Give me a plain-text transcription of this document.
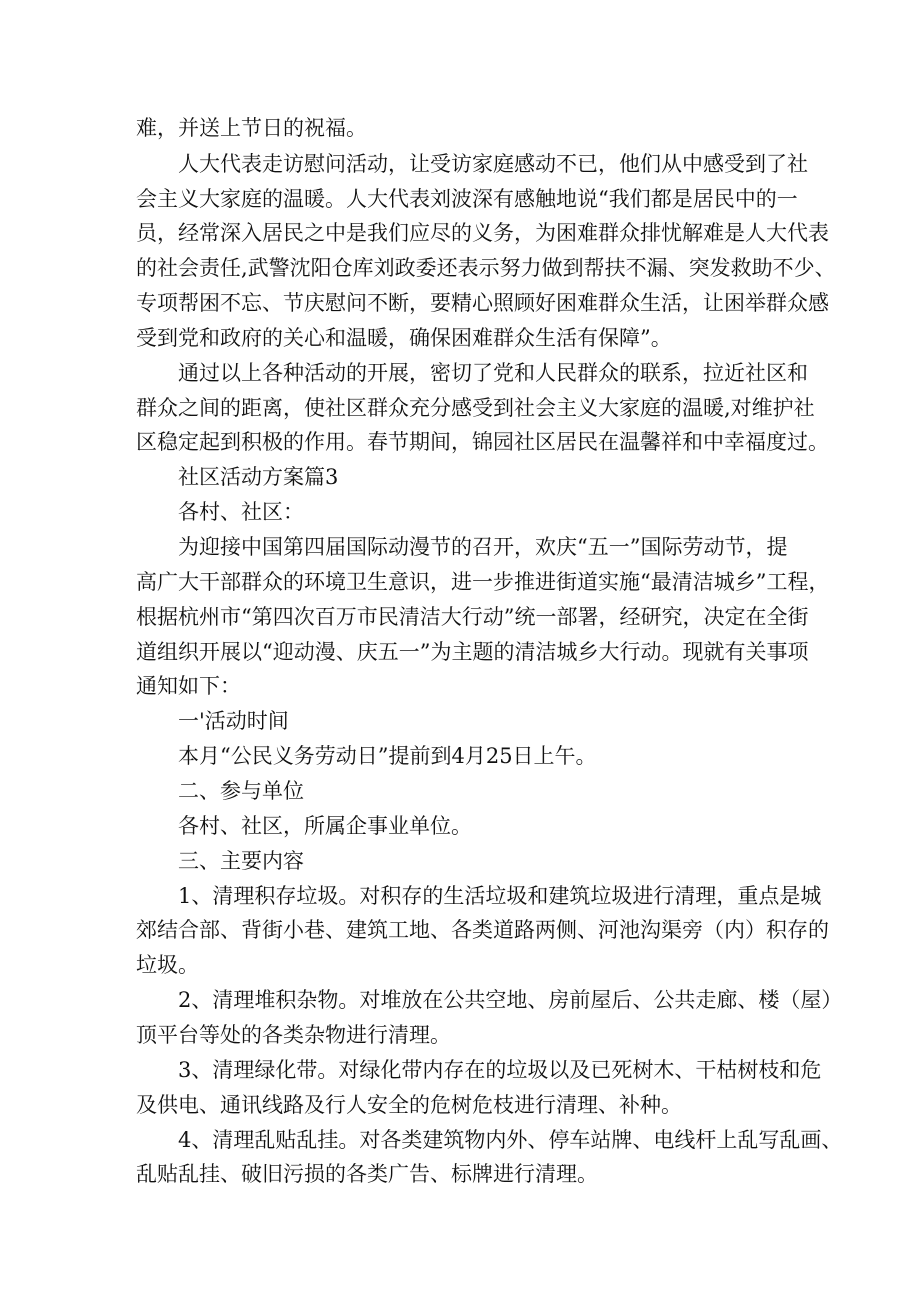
难，并送上节日的祝福。
人大代表走访慰问活动，让受访家庭感动不已，他们从中感受到了社
会主义大家庭的温暖。人大代表刘波深有感触地说“我们都是居民中的一
员，经常深入居民之中是我们应尽的义务，为困难群众排忧解难是人大代表
的社会责任,武警沈阳仓库刘政委还表示努力做到帮扶不漏、突发救助不少、
专项帮困不忘、节庆慰问不断，要精心照顾好困难群众生活，让困举群众感
受到党和政府的关心和温暖，确保困难群众生活有保障”。
通过以上各种活动的开展，密切了党和人民群众的联系，拉近社区和
群众之间的距离，使社区群众充分感受到社会主义大家庭的温暖,对维护社
区稳定起到积极的作用。春节期间，锦园社区居民在温馨祥和中幸福度过。
社区活动方案篇3
各村、社区：
为迎接中国第四届国际动漫节的召开，欢庆“五一”国际劳动节，提
高广大干部群众的环境卫生意识，进一步推进街道实施“最清洁城乡”工程，
根据杭州市“第四次百万市民清洁大行动”统一部署，经研究，决定在全街
道组织开展以“迎动漫、庆五一”为主题的清洁城乡大行动。现就有关事项
通知如下：
一'活动时间
本月“公民义务劳动日”提前到4月25日上午。
二、参与单位
各村、社区，所属企事业单位。
三、主要内容
1、清理积存垃圾。对积存的生活垃圾和建筑垃圾进行清理，重点是城
郊结合部、背街小巷、建筑工地、各类道路两侧、河池沟渠旁（内）积存的
垃圾。
2、清理堆积杂物。对堆放在公共空地、房前屋后、公共走廊、楼（屋）
顶平台等处的各类杂物进行清理。
3、清理绿化带。对绿化带内存在的垃圾以及已死树木、干枯树枝和危
及供电、通讯线路及行人安全的危树危枝进行清理、补种。
4、清理乱贴乱挂。对各类建筑物内外、停车站牌、电线杆上乱写乱画、
乱贴乱挂、破旧污损的各类广告、标牌进行清理。
